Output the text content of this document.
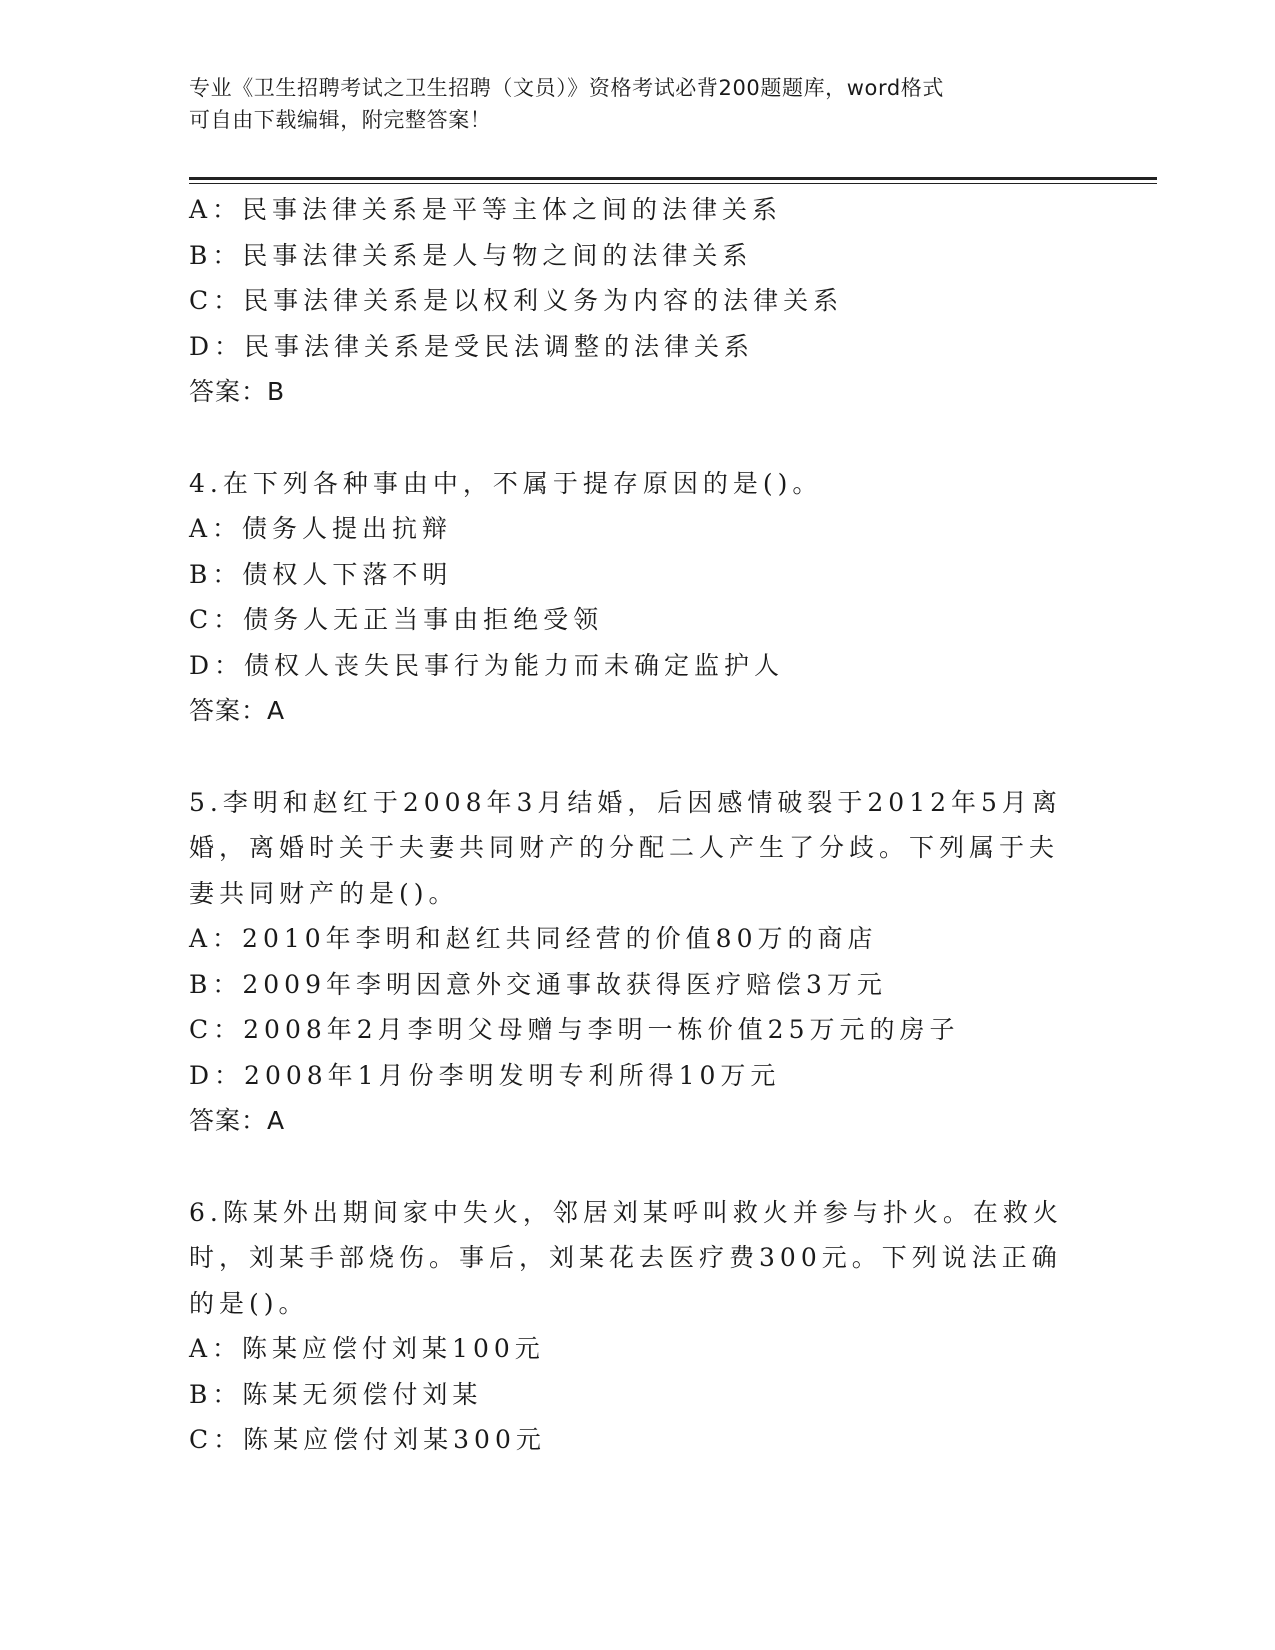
专业《卫生招聘考试之卫生招聘（文员）》资格考试必背200题题库，word格式
可自由下载编辑，附完整答案！
A：民事法律关系是平等主体之间的法律关系
B：民事法律关系是人与物之间的法律关系
C：民事法律关系是以权利义务为内容的法律关系
D：民事法律关系是受民法调整的法律关系
答案：B
4.在下列各种事由中，不属于提存原因的是()。
A：债务人提出抗辩
B：债权人下落不明
C：债务人无正当事由拒绝受领
D：债权人丧失民事行为能力而未确定监护人
答案：A
5.李明和赵红于2008年3月结婚，后因感情破裂于2012年5月离婚，离婚时关于夫妻共同财产的分配二人产生了分歧。下列属于夫妻共同财产的是()。
A：2010年李明和赵红共同经营的价值80万的商店
B：2009年李明因意外交通事故获得医疗赔偿3万元
C：2008年2月李明父母赠与李明一栋价值25万元的房子
D：2008年1月份李明发明专利所得10万元
答案：A
6.陈某外出期间家中失火，邻居刘某呼叫救火并参与扑火。在救火时，刘某手部烧伤。事后，刘某花去医疗费300元。下列说法正确的是()。
A：陈某应偿付刘某100元
B：陈某无须偿付刘某
C：陈某应偿付刘某300元
